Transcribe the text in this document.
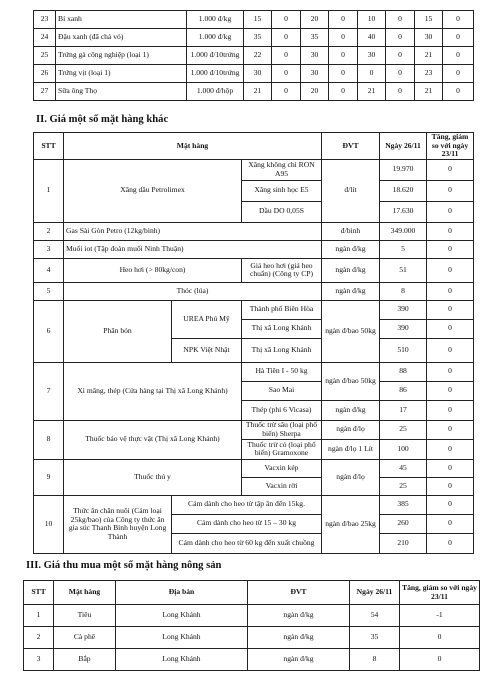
23	Bí xanh	1.000 đ/kg	15	0	20	0	10	0	15	0
24	Đậu xanh (đã chà vỏ)	1.000 đ/kg	35	0	35	0	40	0	30	0
25	Trứng gà công nghiệp (loại 1)	1.000 đ/10trứng	22	0	30	0	30	0	21	0
26	Trứng vịt (loại 1)	1.000 đ/10trứng	30	0	30	0	0	0	23	0
27	Sữa ông Thọ	1.000 đ/hộp	21	0	20	0	21	0	21	0
II. Giá một số mặt hàng khác
STT	Mặt hàng			ĐVT	Ngày 26/11	Tăng, giảm so với ngày 23/11
1	Xăng dầu Petrolimex		Xăng không chì RON A95	đ/lít	19.970	0
			Xăng sinh học E5		18.620	0
			Dầu DO 0,05S		17.630	0
2	Gas Sài Gòn Petro (12kg/bình)			đ/bình	349.000	0
3	Muối iot (Tập đoàn muối Ninh Thuận)			ngàn đ/kg	5	0
4	Heo hơi (> 80kg/con)		Giá heo hơi (giá heo chuẩn) (Công ty CP)	ngàn đ/kg	51	0
5	Thóc (lúa)			ngàn đ/kg	8	0
6	Phân bón	UREA Phú Mỹ	Thành phố Biên Hòa	ngàn đ/bao 50kg	390	0
			Thị xã Long Khánh		390	0
		NPK Việt Nhật	Thị xã Long Khánh		510	0
7	Xi măng, thép (Cửa hàng tại Thị xã Long Khánh)		Hà Tiên I - 50 kg	ngàn đ/bao 50kg	88	0
			Sao Mai		86	0
			Thép (phi 6 Vicasa)	ngàn đ/kg	17	0
8	Thuốc bảo vệ thực vật (Thị xã Long Khánh)		Thuốc trừ sâu (loại phổ biến) Sherpa	ngàn đ/lọ	25	0
			Thuốc trừ cỏ (loại phổ biến) Gramoxone	ngàn đ/lọ 1 Lít	100	0
9	Thuốc thú y		Vacxin kép	ngàn đ/lọ	45	0
			Vacxin rời		25	0
10	Thức ăn chăn nuôi (Cám loại 25kg/bao) của Công ty thức ăn gia súc Thanh Bình huyện Long Thành	Cám dành cho heo từ tập ăn đến 15kg.		ngàn đ/bao 25kg	385	0
		Cám dành cho heo từ 15 – 30 kg			260	0
		Cám dành cho heo từ 60 kg đến xuất chuồng			210	0
III. Giá thu mua một số mặt hàng nông sản
STT	Mặt hàng	Địa bàn	ĐVT	Ngày 26/11	Tăng, giảm so với ngày 23/11
1	Tiêu	Long Khánh	ngàn đ/kg	54	-1
2	Cà phê	Long Khánh	ngàn đ/kg	35	0
3	Bắp	Long Khánh	ngàn đ/kg	8	0
